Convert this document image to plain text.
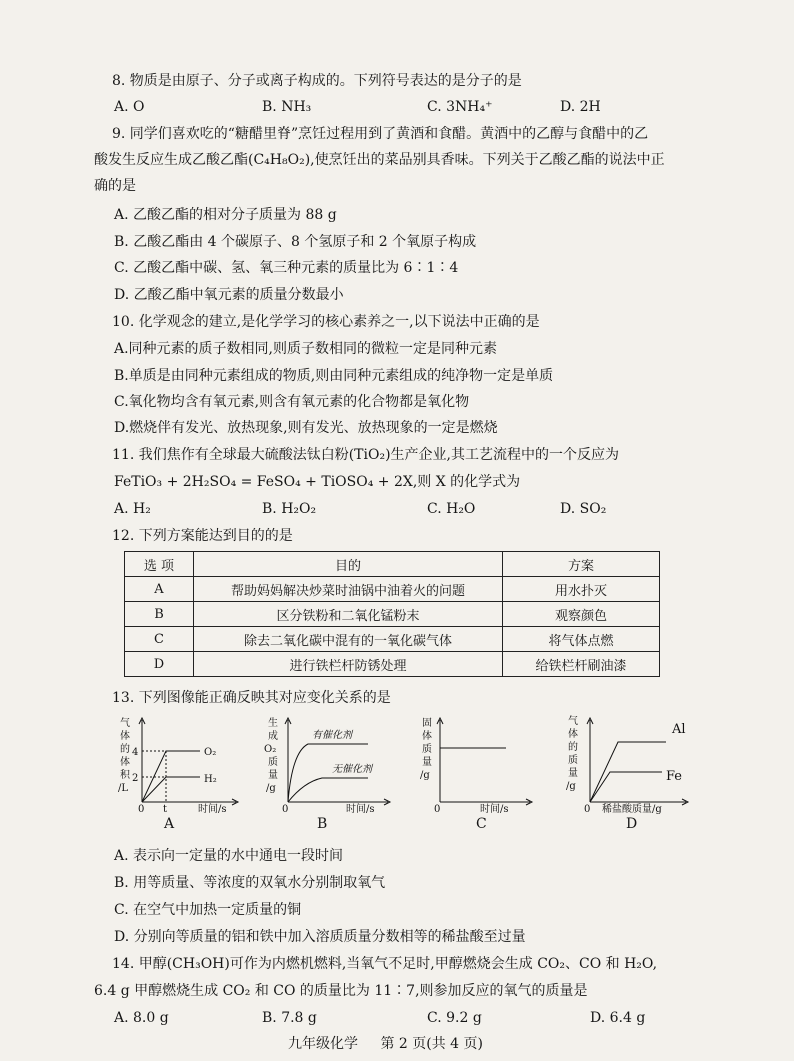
8. 物质是由原子、分子或离子构成的。下列符号表达的是分子的是
A. O	B. NH₃	C. 3NH₄⁺	D. 2H
9. 同学们喜欢吃的“糖醋里脊”烹饪过程用到了黄酒和食醋。黄酒中的乙醇与食醋中的乙
酸发生反应生成乙酸乙酯(C₄H₈O₂),使烹饪出的菜品别具香味。下列关于乙酸乙酯的说法中正
确的是
A. 乙酸乙酯的相对分子质量为 88 g
B. 乙酸乙酯由 4 个碳原子、8 个氢原子和 2 个氧原子构成
C. 乙酸乙酯中碳、氢、氧三种元素的质量比为 6∶1∶4
D. 乙酸乙酯中氧元素的质量分数最小
10. 化学观念的建立,是化学学习的核心素养之一,以下说法中正确的是
A.同种元素的质子数相同,则质子数相同的微粒一定是同种元素
B.单质是由同种元素组成的物质,则由同种元素组成的纯净物一定是单质
C.氧化物均含有氧元素,则含有氧元素的化合物都是氧化物
D.燃烧伴有发光、放热现象,则有发光、放热现象的一定是燃烧
11. 我们焦作有全球最大硫酸法钛白粉(TiO₂)生产企业,其工艺流程中的一个反应为
FeTiO₃ + 2H₂SO₄ = FeSO₄ + TiOSO₄ + 2X,则 X 的化学式为
A. H₂	B. H₂O₂	C. H₂O	D. SO₂
12. 下列方案能达到目的的是
选 项	目的	方案
A	帮助妈妈解决炒菜时油锅中油着火的问题	用水扑灭
B	区分铁粉和二氧化锰粉末	观察颜色
C	除去二氧化碳中混有的一氧化碳气体	将气体点燃
D	进行铁栏杆防锈处理	给铁栏杆刷油漆
13. 下列图像能正确反映其对应变化关系的是
气
体
的
体
积
/L
4
2
0 t	时间/s
O₂
H₂
A
生
成
O₂
质
量
/g
0	时间/s
有催化剂
无催化剂
B
固
体
质
量
/g
0	时间/s
C
气
体
的
质
量
/g
0 稀盐酸质量/g
Al
Fe
D
A. 表示向一定量的水中通电一段时间
B. 用等质量、等浓度的双氧水分别制取氧气
C. 在空气中加热一定质量的铜
D. 分别向等质量的铝和铁中加入溶质质量分数相等的稀盐酸至过量
14. 甲醇(CH₃OH)可作为内燃机燃料,当氧气不足时,甲醇燃烧会生成 CO₂、CO 和 H₂O,
6.4 g 甲醇燃烧生成 CO₂ 和 CO 的质量比为 11∶7,则参加反应的氧气的质量是
A. 8.0 g	B. 7.8 g	C. 9.2 g	D. 6.4 g
九年级化学 第 2 页(共 4 页)
